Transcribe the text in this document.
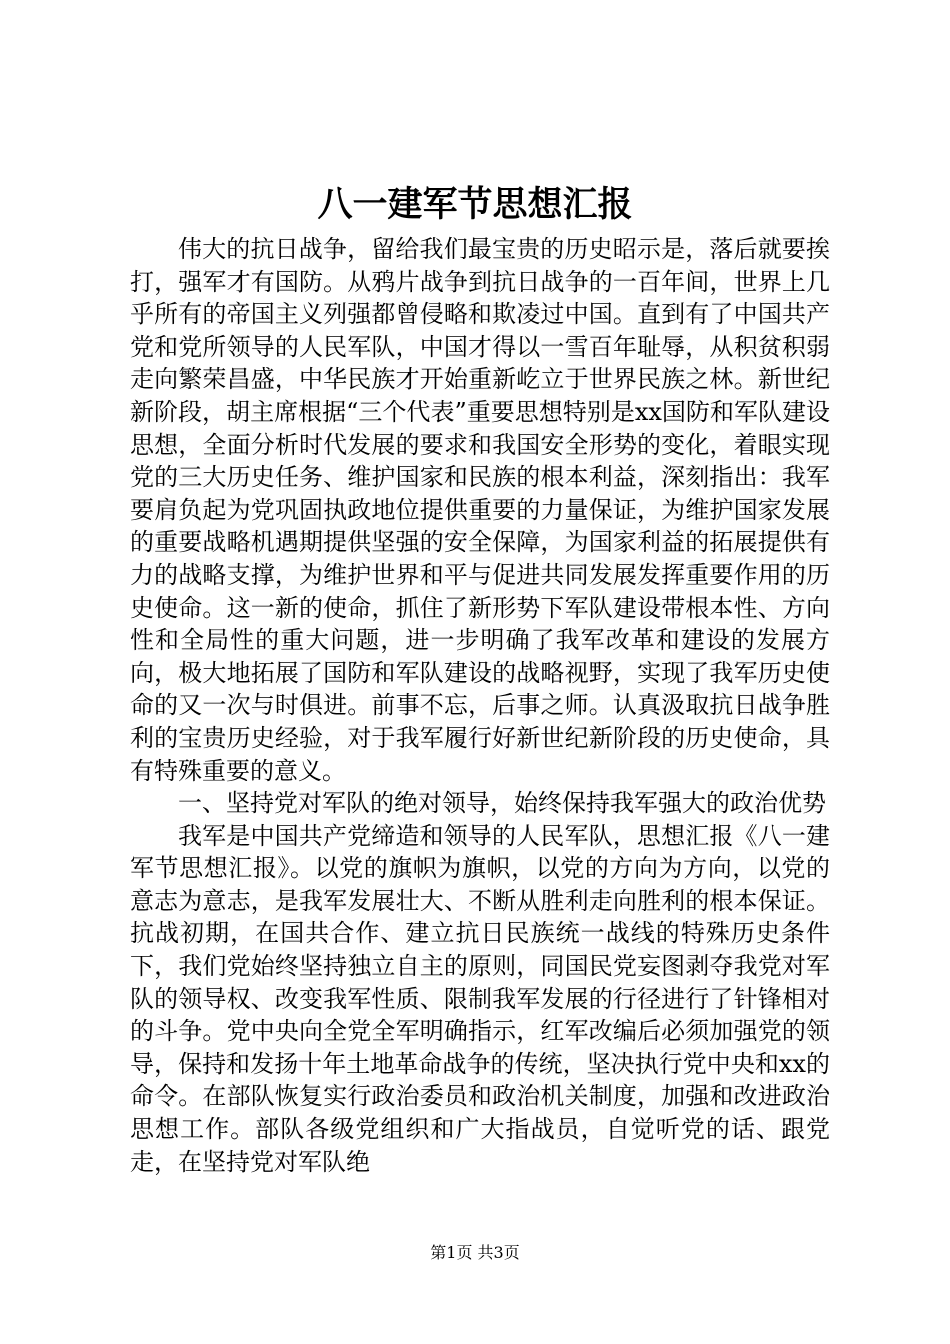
八一建军节思想汇报

伟大的抗日战争，留给我们最宝贵的历史昭示是，落后就要挨打，强军才有国防。从鸦片战争到抗日战争的一百年间，世界上几乎所有的帝国主义列强都曾侵略和欺凌过中国。直到有了中国共产党和党所领导的人民军队，中国才得以一雪百年耻辱，从积贫积弱走向繁荣昌盛，中华民族才开始重新屹立于世界民族之林。新世纪新阶段，胡主席根据“三个代表”重要思想特别是xx国防和军队建设思想，全面分析时代发展的要求和我国安全形势的变化，着眼实现党的三大历史任务、维护国家和民族的根本利益，深刻指出：我军要肩负起为党巩固执政地位提供重要的力量保证，为维护国家发展的重要战略机遇期提供坚强的安全保障，为国家利益的拓展提供有力的战略支撑，为维护世界和平与促进共同发展发挥重要作用的历史使命。这一新的使命，抓住了新形势下军队建设带根本性、方向性和全局性的重大问题，进一步明确了我军改革和建设的发展方向，极大地拓展了国防和军队建设的战略视野，实现了我军历史使命的又一次与时俱进。前事不忘，后事之师。认真汲取抗日战争胜利的宝贵历史经验，对于我军履行好新世纪新阶段的历史使命，具有特殊重要的意义。

一、坚持党对军队的绝对领导，始终保持我军强大的政治优势

我军是中国共产党缔造和领导的人民军队，思想汇报《八一建军节思想汇报》。以党的旗帜为旗帜，以党的方向为方向，以党的意志为意志，是我军发展壮大、不断从胜利走向胜利的根本保证。抗战初期，在国共合作、建立抗日民族统一战线的特殊历史条件下，我们党始终坚持独立自主的原则，同国民党妄图剥夺我党对军队的领导权、改变我军性质、限制我军发展的行径进行了针锋相对的斗争。党中央向全党全军明确指示，红军改编后必须加强党的领导，保持和发扬十年土地革命战争的传统，坚决执行党中央和xx的命令。在部队恢复实行政治委员和政治机关制度，加强和改进政治思想工作。部队各级党组织和广大指战员，自觉听党的话、跟党走，在坚持党对军队绝

第1页 共3页
